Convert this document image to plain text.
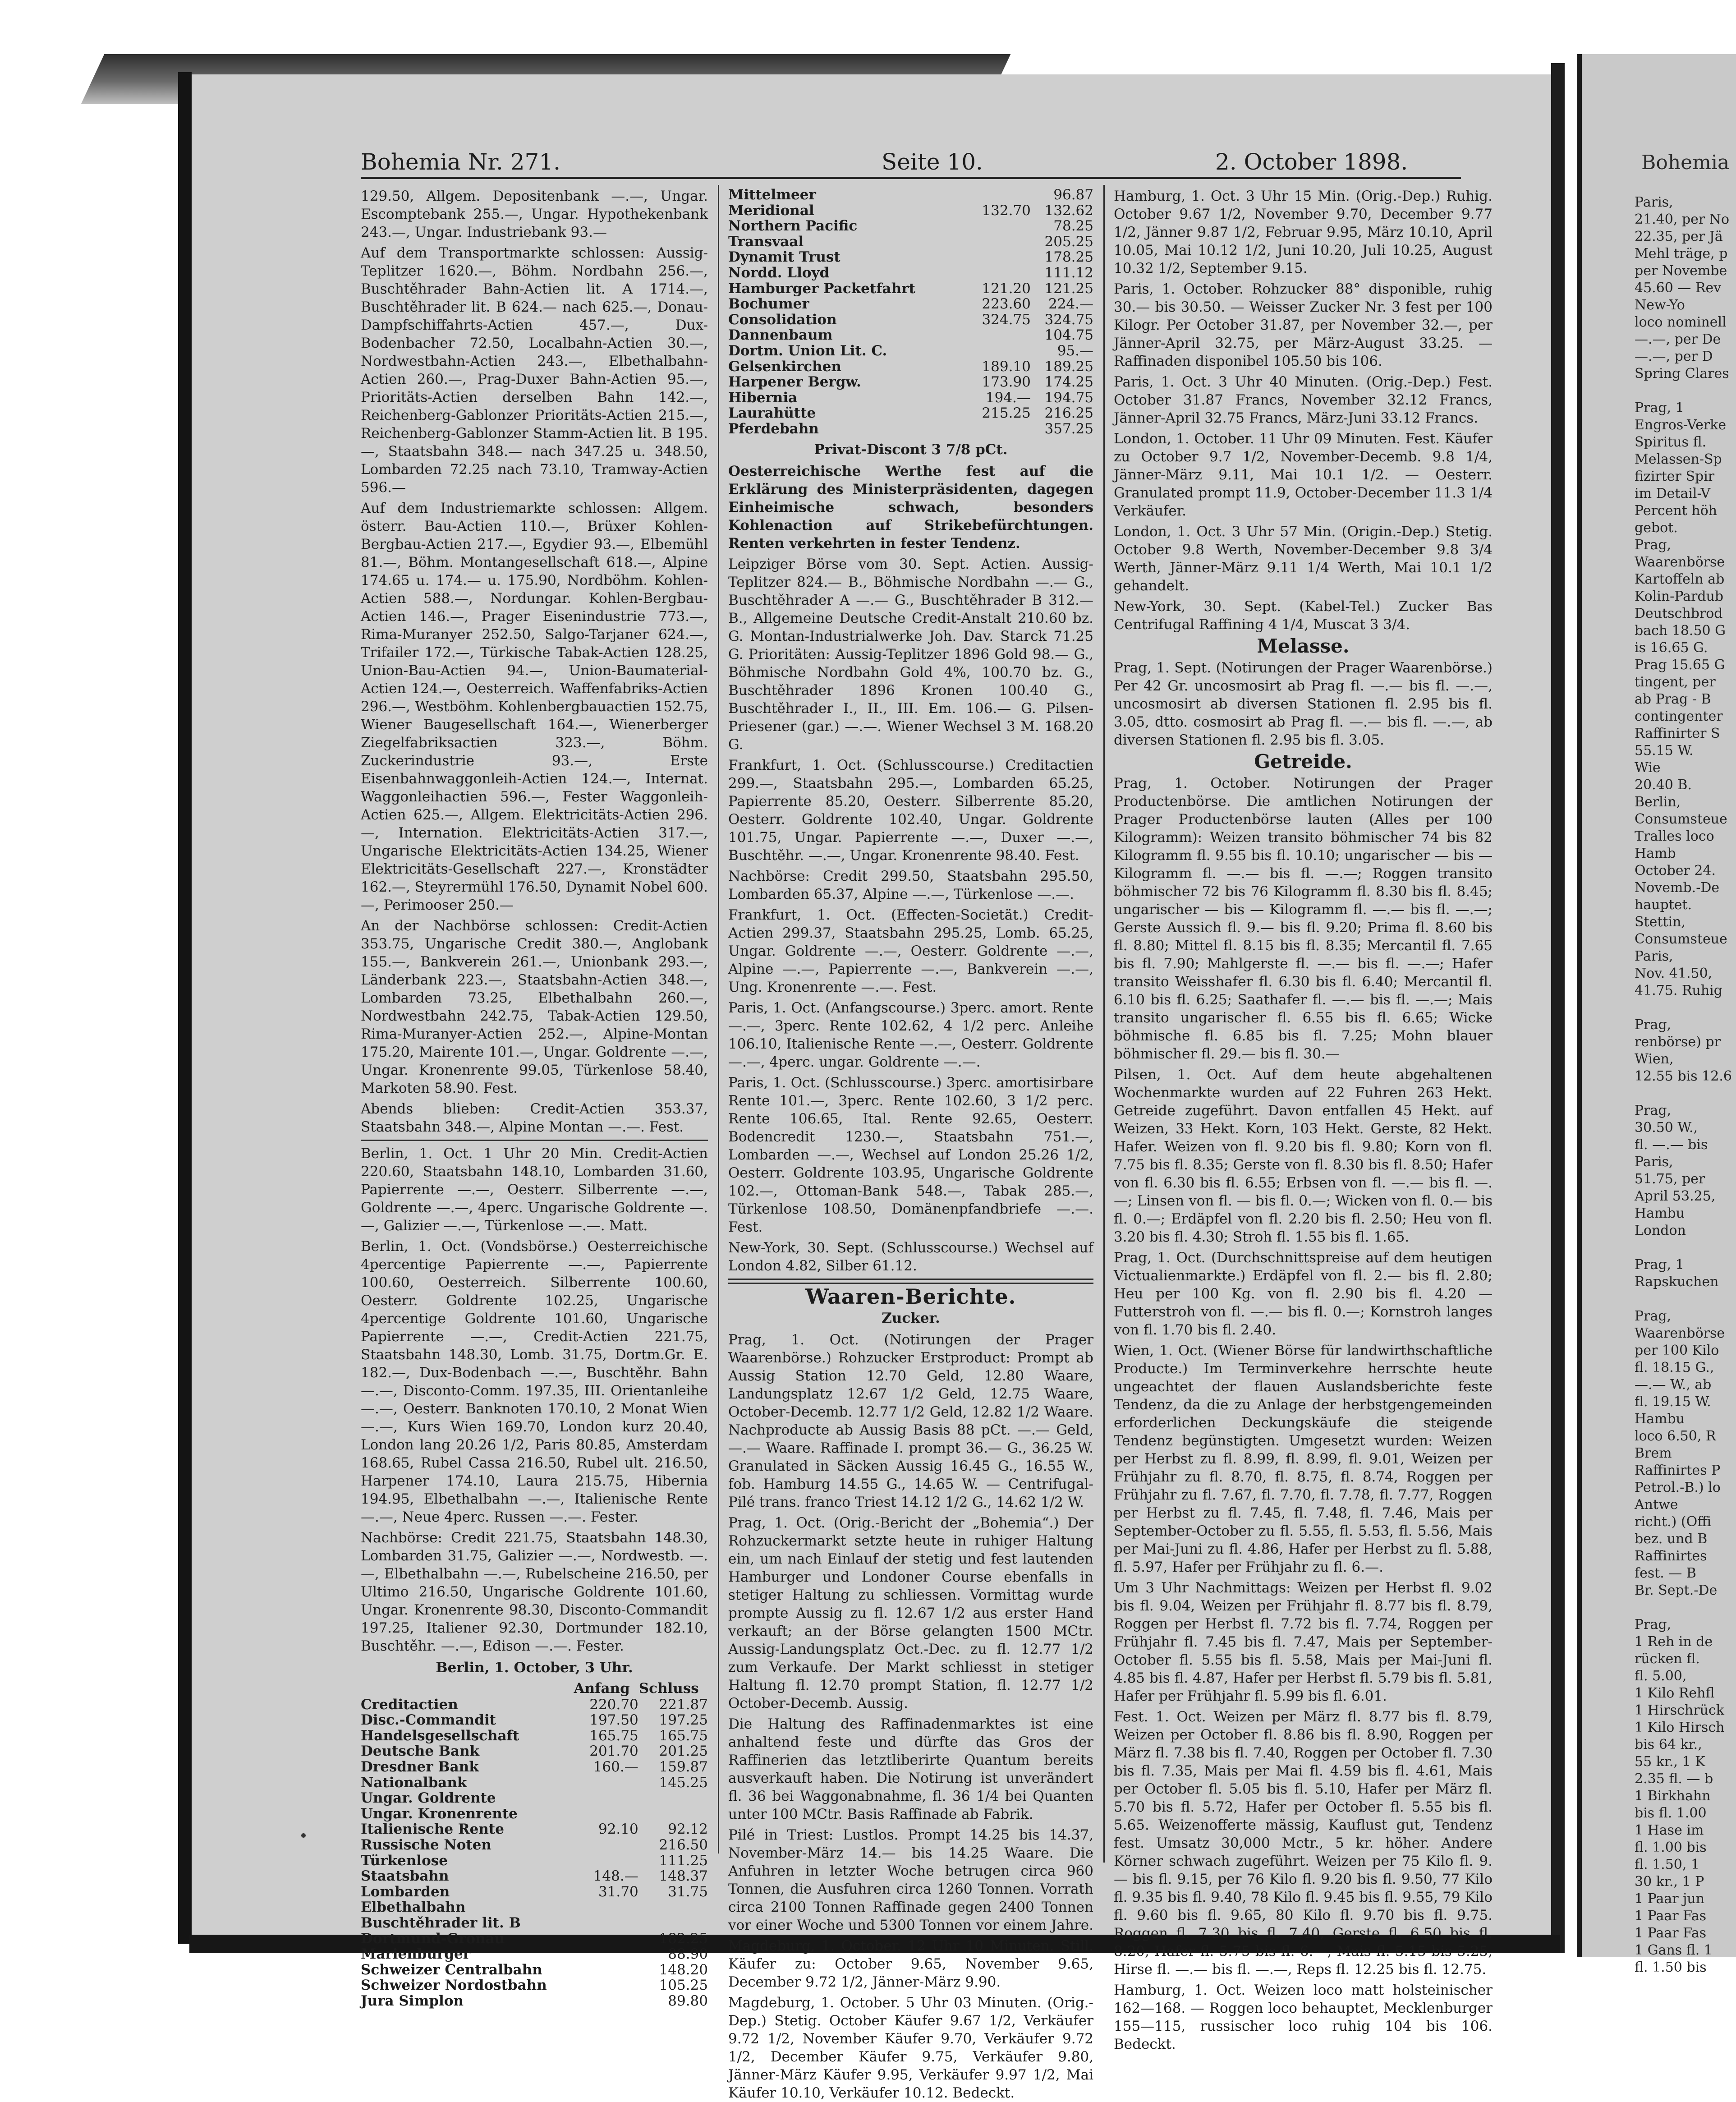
Bohemia Nr. 271.	Seite 10.	2. October 1898.

129.50, Allgem. Depositenbank —.—, Ungar. Escomptebank 255.—, Ungar. Hypothekenbank 243.—, Ungar. Industriebank 93.—

Auf dem Transportmarkte schlossen: Aussig-Teplitzer 1620.—, Böhm. Nordbahn 256.—, Buschtěhrader Bahn-Actien lit. A 1714.—, Buschtěhrader lit. B 624.— nach 625.—, Donau-Dampfschiffahrts-Actien 457.—, Dux-Bodenbacher 72.50, Localbahn-Actien 30.—, Nordwestbahn-Actien 243.—, Elbethalbahn-Actien 260.—, Prag-Duxer Bahn-Actien 95.—, Prioritäts-Actien derselben Bahn 142.—, Reichenberg-Gablonzer Prioritäts-Actien 215.—, Reichenberg-Gablonzer Stamm-Actien lit. B 195.—, Staatsbahn 348.— nach 347.25 u. 348.50, Lombarden 72.25 nach 73.10, Tramway-Actien 596.—

Auf dem Industriemarkte schlossen: Allgem. österr. Bau-Actien 110.—, Brüxer Kohlen-Bergbau-Actien 217.—, Egydier 93.—, Elbemühl 81.—, Böhm. Montangesellschaft 618.—, Alpine 174.65 u. 174.— u. 175.90, Nordböhm. Kohlen-Actien 588.—, Nordungar. Kohlen-Bergbau-Actien 146.—, Prager Eisenindustrie 773.—, Rima-Muranyer 252.50, Salgo-Tarjaner 624.—, Trifailer 172.—, Türkische Tabak-Actien 128.25, Union-Bau-Actien 94.—, Union-Baumaterial-Actien 124.—, Oesterreich. Waffenfabriks-Actien 296.—, Westböhm. Kohlenbergbauactien 152.75, Wiener Baugesellschaft 164.—, Wienerberger Ziegelfabriksactien 323.—, Böhm. Zuckerindustrie 93.—, Erste Eisenbahnwaggonleih-Actien 124.—, Internat. Waggonleihactien 596.—, Fester Waggonleih-Actien 625.—, Allgem. Elektricitäts-Actien 296.—, Internation. Elektricitäts-Actien 317.—, Ungarische Elektricitäts-Actien 134.25, Wiener Elektricitäts-Gesellschaft 227.—, Kronstädter 162.—, Steyrermühl 176.50, Dynamit Nobel 600.—, Perimooser 250.—

An der Nachbörse schlossen: Credit-Actien 353.75, Ungarische Credit 380.—, Anglobank 155.—, Bankverein 261.—, Unionbank 293.—, Länderbank 223.—, Staatsbahn-Actien 348.—, Lombarden 73.25, Elbethalbahn 260.—, Nordwestbahn 242.75, Tabak-Actien 129.50, Rima-Muranyer-Actien 252.—, Alpine-Montan 175.20, Mairente 101.—, Ungar. Goldrente —.—, Ungar. Kronenrente 99.05, Türkenlose 58.40, Markoten 58.90. Fest.

Abends blieben: Credit-Actien 353.37, Staatsbahn 348.—, Alpine Montan —.—. Fest.

Berlin, 1. Oct. 1 Uhr 20 Min. Credit-Actien 220.60, Staatsbahn 148.10, Lombarden 31.60, Papierrente —.—, Oesterr. Silberrente —.—, Goldrente —.—, 4perc. Ungarische Goldrente —.—, Galizier —.—, Türkenlose —.—. Matt.

Berlin, 1. Oct. (Vondsbörse.) Oesterreichische 4percentige Papierrente —.—, Papierrente 100.60, Oesterreich. Silberrente 100.60, Oesterr. Goldrente 102.25, Ungarische 4percentige Goldrente 101.60, Ungarische Papierrente —.—, Credit-Actien 221.75, Staatsbahn 148.30, Lomb. 31.75, Dortm.Gr. E. 182.—, Dux-Bodenbach —.—, Buschtěhr. Bahn —.—, Disconto-Comm. 197.35, III. Orientanleihe —.—, Oesterr. Banknoten 170.10, 2 Monat Wien —.—, Kurs Wien 169.70, London kurz 20.40, London lang 20.26 1/2, Paris 80.85, Amsterdam 168.65, Rubel Cassa 216.50, Rubel ult. 216.50, Harpener 174.10, Laura 215.75, Hibernia 194.95, Elbethalbahn —.—, Italienische Rente —.—, Neue 4perc. Russen —.—. Fester.

Nachbörse: Credit 221.75, Staatsbahn 148.30, Lombarden 31.75, Galizier —.—, Nordwestb. —.—, Elbethalbahn —.—, Rubelscheine 216.50, per Ultimo 216.50, Ungarische Goldrente 101.60, Ungar. Kronenrente 98.30, Disconto-Commandit 197.25, Italiener 92.30, Dortmunder 182.10, Buschtěhr. —.—, Edison —.—. Fester.

Berlin, 1. October, 3 Uhr.
	Anfang	Schluss
Creditactien	220.70	221.87
Disc.-Commandit	197.50	197.25
Handelsgesellschaft	165.75	165.75
Deutsche Bank	201.70	201.25
Dresdner Bank	160.—	159.87
Nationalbank		145.25
Ungar. Goldrente		
Ungar. Kronenrente		
Italienische Rente	92.10	92.12
Russische Noten		216.50
Türkenlose		111.25
Staatsbahn	148.—	148.37
Lombarden	31.70	31.75
Elbethalbahn		
Buschtěhrader lit. B		
Dortmund-Gronau		182.25
Marienburger		88.90
Schweizer Centralbahn		148.20
Schweizer Nordostbahn		105.25
Jura Simplon		89.80
Mittelmeer		96.87
Meridional	132.70	132.62
Northern Pacific		78.25
Transvaal		205.25
Dynamit Trust		178.25
Nordd. Lloyd		111.12
Hamburger Packetfahrt	121.20	121.25
Bochumer	223.60	224.—
Consolidation	324.75	324.75
Dannenbaum		104.75
Dortm. Union Lit. C.		95.—
Gelsenkirchen	189.10	189.25
Harpener Bergw.	173.90	174.25
Hibernia	194.—	194.75
Laurahütte	215.25	216.25
Pferdebahn		357.25
Privat-Discont 3 7/8 pCt.

Oesterreichische Werthe fest auf die Erklärung des Ministerpräsidenten, dagegen Einheimische schwach, besonders Kohlenaction auf Strikebefürchtungen. Renten verkehrten in fester Tendenz.

Leipziger Börse vom 30. Sept. Actien. Aussig-Teplitzer 824.— B., Böhmische Nordbahn —.— G., Buschtěhrader A —.— G., Buschtěhrader B 312.— B., Allgemeine Deutsche Credit-Anstalt 210.60 bz. G. Montan-Industrialwerke Joh. Dav. Starck 71.25 G. Prioritäten: Aussig-Teplitzer 1896 Gold 98.— G., Böhmische Nordbahn Gold 4%, 100.70 bz. G., Buschtěhrader 1896 Kronen 100.40 G., Buschtěhrader I., II., III. Em. 106.— G. Pilsen-Priesener (gar.) —.—. Wiener Wechsel 3 M. 168.20 G.

Frankfurt, 1. Oct. (Schlusscourse.) Creditactien 299.—, Staatsbahn 295.—, Lombarden 65.25, Papierrente 85.20, Oesterr. Silberrente 85.20, Oesterr. Goldrente 102.40, Ungar. Goldrente 101.75, Ungar. Papierrente —.—, Duxer —.—, Buschtěhr. —.—, Ungar. Kronenrente 98.40. Fest.

Nachbörse: Credit 299.50, Staatsbahn 295.50, Lombarden 65.37, Alpine —.—, Türkenlose —.—.

Frankfurt, 1. Oct. (Effecten-Societät.) Credit-Actien 299.37, Staatsbahn 295.25, Lomb. 65.25, Ungar. Goldrente —.—, Oesterr. Goldrente —.—, Alpine —.—, Papierrente —.—, Bankverein —.—, Ung. Kronenrente —.—. Fest.

Paris, 1. Oct. (Anfangscourse.) 3perc. amort. Rente —.—, 3perc. Rente 102.62, 4 1/2 perc. Anleihe 106.10, Italienische Rente —.—, Oesterr. Goldrente —.—, 4perc. ungar. Goldrente —.—.

Paris, 1. Oct. (Schlusscourse.) 3perc. amortisirbare Rente 101.—, 3perc. Rente 102.60, 3 1/2 perc. Rente 106.65, Ital. Rente 92.65, Oesterr. Bodencredit 1230.—, Staatsbahn 751.—, Lombarden —.—, Wechsel auf London 25.26 1/2, Oesterr. Goldrente 103.95, Ungarische Goldrente 102.—, Ottoman-Bank 548.—, Tabak 285.—, Türkenlose 108.50, Domänenpfandbriefe —.—. Fest.

New-York, 30. Sept. (Schlusscourse.) Wechsel auf London 4.82, Silber 61.12.

Waaren-Berichte.
Zucker.

Prag, 1. Oct. (Notirungen der Prager Waarenbörse.) Rohzucker Erstproduct: Prompt ab Aussig Station 12.70 Geld, 12.80 Waare, Landungsplatz 12.67 1/2 Geld, 12.75 Waare, October-Decemb. 12.77 1/2 Geld, 12.82 1/2 Waare. Nachproducte ab Aussig Basis 88 pCt. —.— Geld, —.— Waare. Raffinade I. prompt 36.— G., 36.25 W. Granulated in Säcken Aussig 16.45 G., 16.55 W., fob. Hamburg 14.55 G., 14.65 W. — Centrifugal-Pilé trans. franco Triest 14.12 1/2 G., 14.62 1/2 W.

Prag, 1. Oct. (Orig.-Bericht der „Bohemia“.) Der Rohzuckermarkt setzte heute in ruhiger Haltung ein, um nach Einlauf der stetig und fest lautenden Hamburger und Londoner Course ebenfalls in stetiger Haltung zu schliessen. Vormittag wurde prompte Aussig zu fl. 12.67 1/2 aus erster Hand verkauft; an der Börse gelangten 1500 MCtr. Aussig-Landungsplatz Oct.-Dec. zu fl. 12.77 1/2 zum Verkaufe. Der Markt schliesst in stetiger Haltung fl. 12.70 prompt Station, fl. 12.77 1/2 October-Decemb. Aussig.

Die Haltung des Raffinadenmarktes ist eine anhaltend feste und dürfte das Gros der Raffinerien das letztliberirte Quantum bereits ausverkauft haben. Die Notirung ist unverändert fl. 36 bei Waggonabnahme, fl. 36 1/4 bei Quanten unter 100 MCtr. Basis Raffinade ab Fabrik.

Pilé in Triest: Lustlos. Prompt 14.25 bis 14.37, November-März 14.— bis 14.25 Waare. Die Anfuhren in letzter Woche betrugen circa 960 Tonnen, die Ausfuhren circa 1260 Tonnen. Vorrath circa 2100 Tonnen Raffinade gegen 2400 Tonnen vor einer Woche und 5300 Tonnen vor einem Jahre.

Magdeburg, 1. October. 12 Uhr 10 Minuten. Still. Käufer zu: October 9.65, November 9.65, December 9.72 1/2, Jänner-März 9.90.

Magdeburg, 1. October. 5 Uhr 03 Minuten. (Orig.-Dep.) Stetig. October Käufer 9.67 1/2, Verkäufer 9.72 1/2, November Käufer 9.70, Verkäufer 9.72 1/2, December Käufer 9.75, Verkäufer 9.80, Jänner-März Käufer 9.95, Verkäufer 9.97 1/2, Mai Käufer 10.10, Verkäufer 10.12. Bedeckt.

Hamburg, 1. Oct. 3 Uhr 15 Min. (Orig.-Dep.) Ruhig. October 9.67 1/2, November 9.70, December 9.77 1/2, Jänner 9.87 1/2, Februar 9.95, März 10.10, April 10.05, Mai 10.12 1/2, Juni 10.20, Juli 10.25, August 10.32 1/2, September 9.15.

Paris, 1. October. Rohzucker 88° disponible, ruhig 30.— bis 30.50. — Weisser Zucker Nr. 3 fest per 100 Kilogr. Per October 31.87, per November 32.—, per Jänner-April 32.75, per März-August 33.25. — Raffinaden disponibel 105.50 bis 106.

Paris, 1. Oct. 3 Uhr 40 Minuten. (Orig.-Dep.) Fest. October 31.87 Francs, November 32.12 Francs, Jänner-April 32.75 Francs, März-Juni 33.12 Francs.

London, 1. October. 11 Uhr 09 Minuten. Fest. Käufer zu October 9.7 1/2, November-Decemb. 9.8 1/4, Jänner-März 9.11, Mai 10.1 1/2. — Oesterr. Granulated prompt 11.9, October-December 11.3 1/4 Verkäufer.

London, 1. Oct. 3 Uhr 57 Min. (Origin.-Dep.) Stetig. October 9.8 Werth, November-December 9.8 3/4 Werth, Jänner-März 9.11 1/4 Werth, Mai 10.1 1/2 gehandelt.

New-York, 30. Sept. (Kabel-Tel.) Zucker Bas Centrifugal Raffining 4 1/4, Muscat 3 3/4.

Melasse.

Prag, 1. Sept. (Notirungen der Prager Waarenbörse.) Per 42 Gr. uncosmosirt ab Prag fl. —.— bis fl. —.—, uncosmosirt ab diversen Stationen fl. 2.95 bis fl. 3.05, dtto. cosmosirt ab Prag fl. —.— bis fl. —.—, ab diversen Stationen fl. 2.95 bis fl. 3.05.

Getreide.

Prag, 1. October. Notirungen der Prager Productenbörse. Die amtlichen Notirungen der Prager Productenbörse lauten (Alles per 100 Kilogramm): Weizen transito böhmischer 74 bis 82 Kilogramm fl. 9.55 bis fl. 10.10; ungarischer — bis — Kilogramm fl. —.— bis fl. —.—; Roggen transito böhmischer 72 bis 76 Kilogramm fl. 8.30 bis fl. 8.45; ungarischer — bis — Kilogramm fl. —.— bis fl. —.—; Gerste Aussich fl. 9.— bis fl. 9.20; Prima fl. 8.60 bis fl. 8.80; Mittel fl. 8.15 bis fl. 8.35; Mercantil fl. 7.65 bis fl. 7.90; Mahlgerste fl. —.— bis fl. —.—; Hafer transito Weisshafer fl. 6.30 bis fl. 6.40; Mercantil fl. 6.10 bis fl. 6.25; Saathafer fl. —.— bis fl. —.—; Mais transito ungarischer fl. 6.55 bis fl. 6.65; Wicke böhmische fl. 6.85 bis fl. 7.25; Mohn blauer böhmischer fl. 29.— bis fl. 30.—

Pilsen, 1. Oct. Auf dem heute abgehaltenen Wochenmarkte wurden auf 22 Fuhren 263 Hekt. Getreide zugeführt. Davon entfallen 45 Hekt. auf Weizen, 33 Hekt. Korn, 103 Hekt. Gerste, 82 Hekt. Hafer. Weizen von fl. 9.20 bis fl. 9.80; Korn von fl. 7.75 bis fl. 8.35; Gerste von fl. 8.30 bis fl. 8.50; Hafer von fl. 6.30 bis fl. 6.55; Erbsen von fl. —.— bis fl. —.—; Linsen von fl. — bis fl. 0.—; Wicken von fl. 0.— bis fl. 0.—; Erdäpfel von fl. 2.20 bis fl. 2.50; Heu von fl. 3.20 bis fl. 4.30; Stroh fl. 1.55 bis fl. 1.65.

Prag, 1. Oct. (Durchschnittspreise auf dem heutigen Victualienmarkte.) Erdäpfel von fl. 2.— bis fl. 2.80; Heu per 100 Kg. von fl. 2.90 bis fl. 4.20 — Futterstroh von fl. —.— bis fl. 0.—; Kornstroh langes von fl. 1.70 bis fl. 2.40.

Wien, 1. Oct. (Wiener Börse für landwirthschaftliche Producte.) Im Terminverkehre herrschte heute ungeachtet der flauen Auslandsberichte feste Tendenz, da die zu Anlage der herbstgengemeinden erforderlichen Deckungskäufe die steigende Tendenz begünstigten. Umgesetzt wurden: Weizen per Herbst zu fl. 8.99, fl. 8.99, fl. 9.01, Weizen per Frühjahr zu fl. 8.70, fl. 8.75, fl. 8.74, Roggen per Frühjahr zu fl. 7.67, fl. 7.70, fl. 7.78, fl. 7.77, Roggen per Herbst zu fl. 7.45, fl. 7.48, fl. 7.46, Mais per September-October zu fl. 5.55, fl. 5.53, fl. 5.56, Mais per Mai-Juni zu fl. 4.86, Hafer per Herbst zu fl. 5.88, fl. 5.97, Hafer per Frühjahr zu fl. 6.—.

Um 3 Uhr Nachmittags: Weizen per Herbst fl. 9.02 bis fl. 9.04, Weizen per Frühjahr fl. 8.77 bis fl. 8.79, Roggen per Herbst fl. 7.72 bis fl. 7.74, Roggen per Frühjahr fl. 7.45 bis fl. 7.47, Mais per September-October fl. 5.55 bis fl. 5.58, Mais per Mai-Juni fl. 4.85 bis fl. 4.87, Hafer per Herbst fl. 5.79 bis fl. 5.81, Hafer per Frühjahr fl. 5.99 bis fl. 6.01.

Fest. 1. Oct. Weizen per März fl. 8.77 bis fl. 8.79, Weizen per October fl. 8.86 bis fl. 8.90, Roggen per März fl. 7.38 bis fl. 7.40, Roggen per October fl. 7.30 bis fl. 7.35, Mais per Mai fl. 4.59 bis fl. 4.61, Mais per October fl. 5.05 bis fl. 5.10, Hafer per März fl. 5.70 bis fl. 5.72, Hafer per October fl. 5.55 bis fl. 5.65. Weizenofferte mässig, Kauflust gut, Tendenz fest. Umsatz 30,000 Mctr., 5 kr. höher. Andere Körner schwach zugeführt. Weizen per 75 Kilo fl. 9.— bis fl. 9.15, per 76 Kilo fl. 9.20 bis fl. 9.50, 77 Kilo fl. 9.35 bis fl. 9.40, 78 Kilo fl. 9.45 bis fl. 9.55, 79 Kilo fl. 9.60 bis fl. 9.65, 80 Kilo fl. 9.70 bis fl. 9.75. Roggen fl. 7.30 bis fl. 7.40, Gerste fl. 6.50 bis fl. 8.20, Hafer fl. 5.75 bis fl. 6.—, Mais fl. 5.15 bis 5.25, Hirse fl. —.— bis fl. —.—, Reps fl. 12.25 bis fl. 12.75.

Hamburg, 1. Oct. Weizen loco matt holsteinischer 162—168. — Roggen loco behauptet, Mecklenburger 155—115, russischer loco ruhig 104 bis 106. Bedeckt.

Bohemia
Paris,
21.40, per No
22.35, per Jä
Mehl träge, p
per Novembe
45.60 — Rev
New-Yo
loco nominell
—.—, per De
—.—, per D
Spring Clares

Prag, 1
Engros-Verke
Spiritus fl.
Melassen-Sp
fizirter Spir
im Detail-V
Percent höh
gebot.
Prag,
Waarenbörse
Kartoffeln ab
Kolin-Pardub
Deutschbrod
bach 18.50 G
is 16.65 G.
Prag 15.65 G
tingent, per
ab Prag - B
contingenter
Raffinirter S
55.15 W.
Wie
20.40 B.
Berlin,
Consumsteue
Tralles loco
Hamb
October 24.
Novemb.-De
hauptet.
Stettin,
Consumsteue
Paris,
Nov. 41.50,
41.75. Ruhig

Prag,
renbörse) pr
Wien,
12.55 bis 12.6

Prag,
30.50 W.,
fl. —.— bis
Paris,
51.75, per
April 53.25,
Hambu
London

Prag, 1
Rapskuchen

Prag,
Waarenbörse
per 100 Kilo
fl. 18.15 G.,
—.— W., ab
fl. 19.15 W.
Hambu
loco 6.50, R
Brem
Raffinirtes P
Petrol.-B.) lo
Antwe
richt.) (Offi
bez. und B
Raffinirtes
fest. — B
Br. Sept.-De

Prag,
1 Reh in de
rücken fl.
fl. 5.00,
1 Kilo Rehfl
1 Hirschrück
1 Kilo Hirsch
bis 64 kr.,
55 kr., 1 K
2.35 fl. — b
1 Birkhahn
bis fl. 1.00
1 Hase im
fl. 1.00 bis
fl. 1.50, 1
30 kr., 1 P
1 Paar jun
1 Paar Fas
1 Paar Fas
1 Gans fl. 1
fl. 1.50 bis
